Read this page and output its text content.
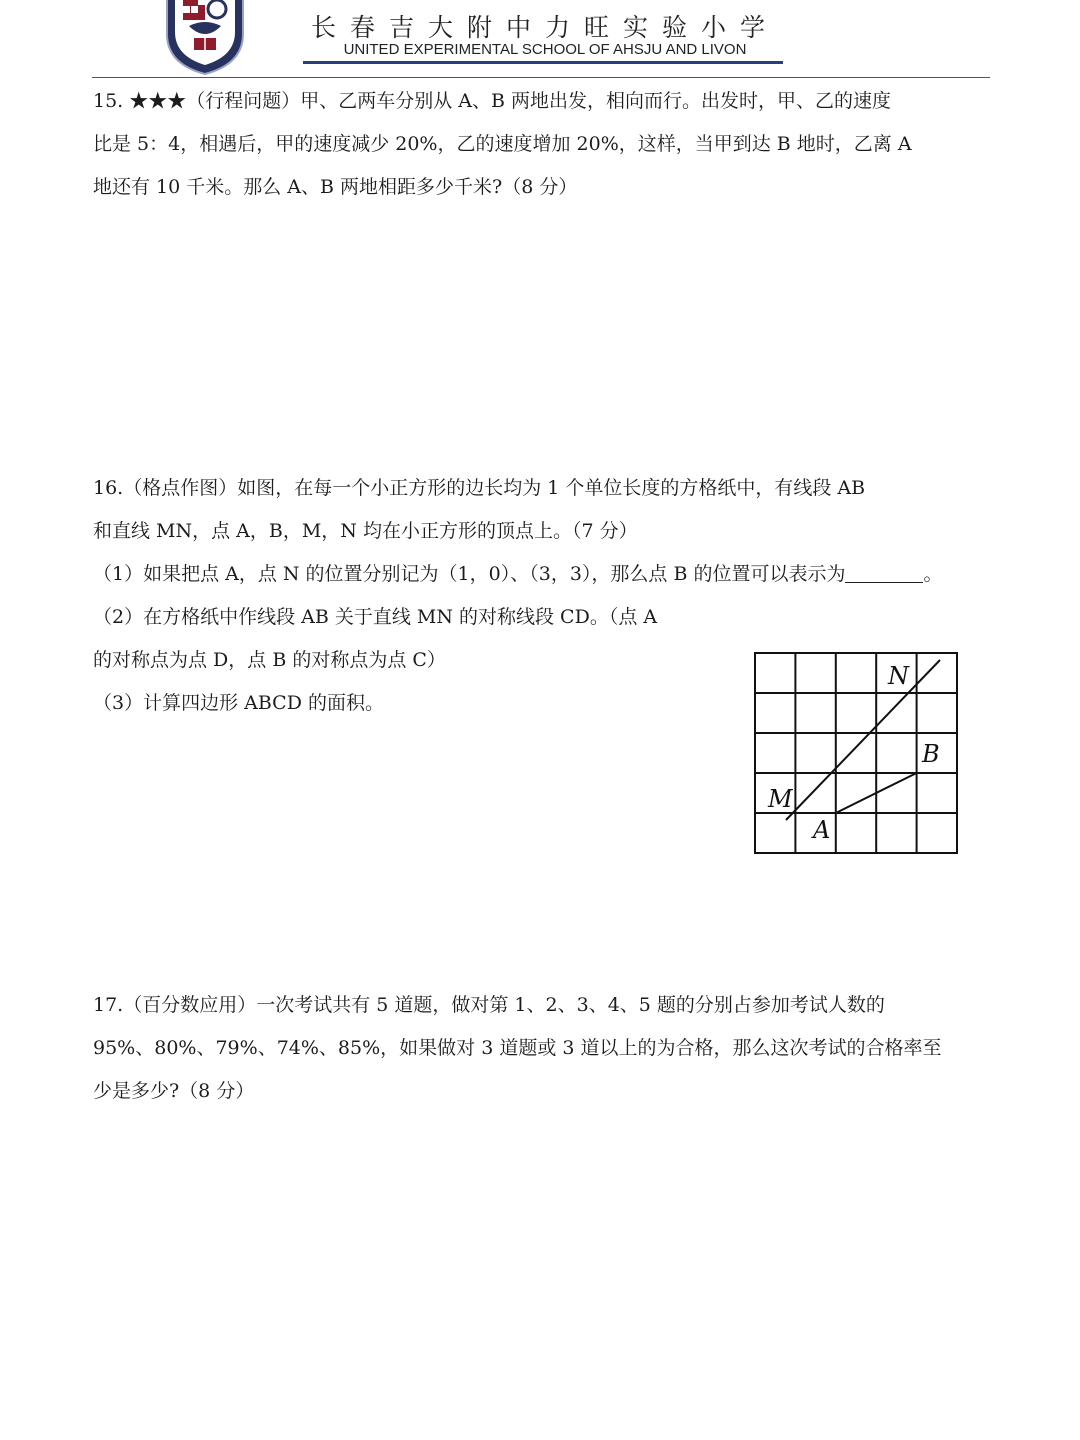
长春吉大附中力旺实验小学
UNITED EXPERIMENTAL SCHOOL OF AHSJU AND LIVON
15. ★★★（行程问题）甲、乙两车分别从 A、B 两地出发，相向而行。出发时，甲、乙的速度
比是 5：4，相遇后，甲的速度减少 20%，乙的速度增加 20%，这样，当甲到达 B 地时，乙离 A
地还有 10 千米。那么 A、B 两地相距多少千米?（8 分）
16.（格点作图）如图，在每一个小正方形的边长均为 1 个单位长度的方格纸中，有线段 AB
和直线 MN，点 A，B，M，N 均在小正方形的顶点上。（7 分）
（1）如果把点 A，点 N 的位置分别记为（1，0）、（3，3），那么点 B 的位置可以表示为	。
（2）在方格纸中作线段 AB 关于直线 MN 的对称线段 CD。（点 A
的对称点为点 D，点 B 的对称点为点 C）
（3）计算四边形 ABCD 的面积。
N
B
M
A
17.（百分数应用）一次考试共有 5 道题，做对第 1、2、3、4、5 题的分别占参加考试人数的
95%、80%、79%、74%、85%，如果做对 3 道题或 3 道以上的为合格，那么这次考试的合格率至
少是多少?（8 分）
